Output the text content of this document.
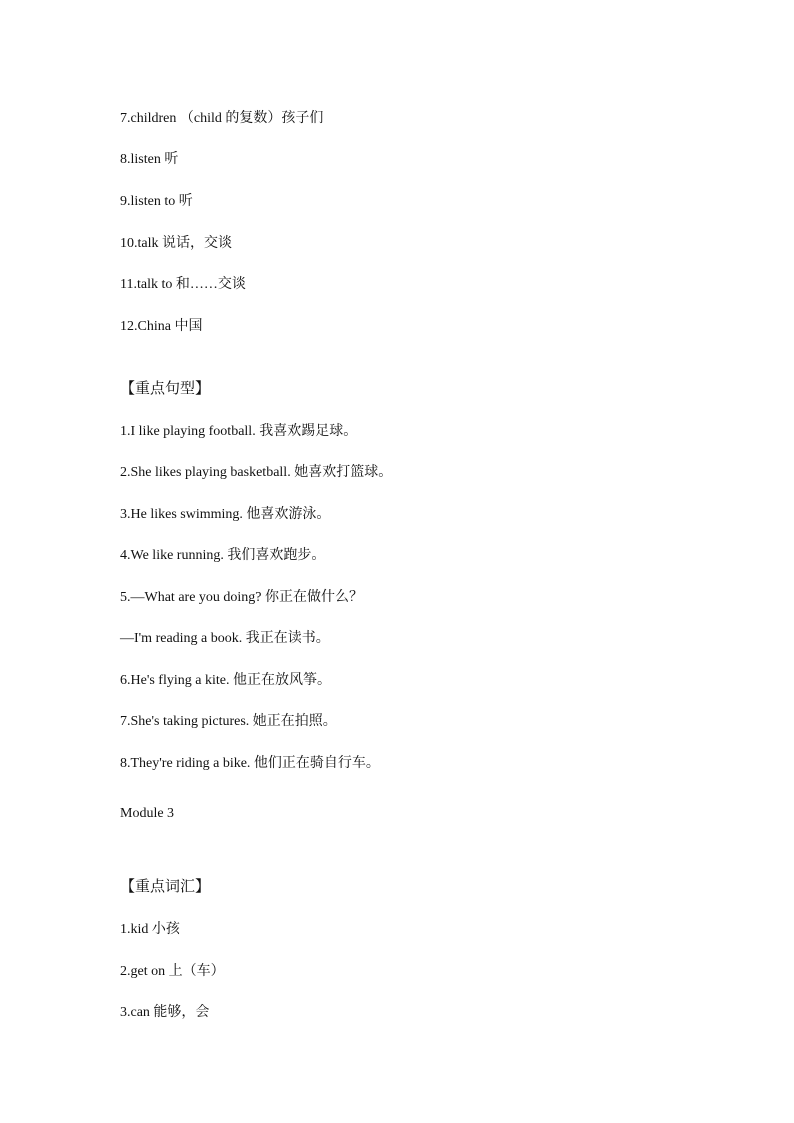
7.children （child 的复数）孩子们
8.listen 听
9.listen to 听
10.talk 说话，交谈
11.talk to 和……交谈
12.China 中国
【重点句型】
1.I like playing football. 我喜欢踢足球。
2.She likes playing basketball. 她喜欢打篮球。
3.He likes swimming. 他喜欢游泳。
4.We like running. 我们喜欢跑步。
5.—What are you doing? 你正在做什么？
—I'm reading a book. 我正在读书。
6.He's flying a kite. 他正在放风筝。
7.She's taking pictures. 她正在拍照。
8.They're riding a bike. 他们正在骑自行车。
Module 3
【重点词汇】
1.kid 小孩
2.get on 上（车）
3.can 能够，会
